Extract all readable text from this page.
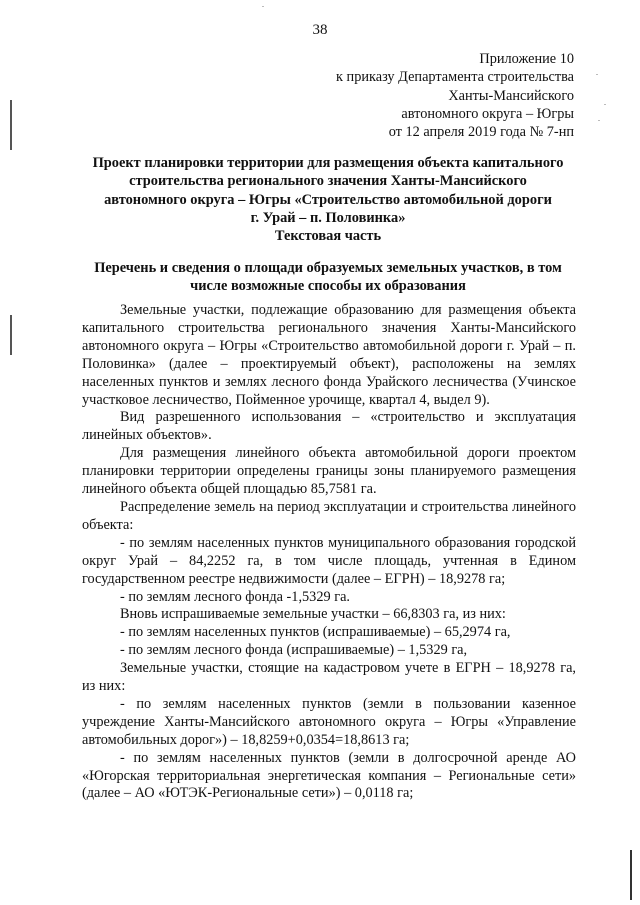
38
Приложение 10
к приказу Департамента строительства
Ханты-Мансийского
автономного округа – Югры
от 12 апреля 2019 года № 7-нп
Проект планировки территории для размещения объекта капитального
строительства регионального значения Ханты-Мансийского
автономного округа – Югры «Строительство автомобильной дороги
г. Урай – п. Половинка»
Текстовая часть
Перечень и сведения о площади образуемых земельных участков, в том числе возможные способы их образования

Земельные участки, подлежащие образованию для размещения объекта капитального строительства регионального значения Ханты-Мансийского автономного округа – Югры «Строительство автомобильной дороги г. Урай – п. Половинка» (далее – проектируемый объект), расположены на землях населенных пунктов и землях лесного фонда Урайского лесничества (Учинское участковое лесничество, Пойменное урочище, квартал 4, выдел 9).

Вид разрешенного использования – «строительство и эксплуатация линейных объектов».

Для размещения линейного объекта автомобильной дороги проектом планировки территории определены границы зоны планируемого размещения линейного объекта общей площадью 85,7581 га.

Распределение земель на период эксплуатации и строительства линейного объекта:

- по землям населенных пунктов муниципального образования городской округ Урай – 84,2252 га, в том числе площадь, учтенная в Едином государственном реестре недвижимости (далее – ЕГРН) – 18,9278 га;

- по землям лесного фонда -1,5329 га.

Вновь испрашиваемые земельные участки – 66,8303 га, из них:

- по землям населенных пунктов (испрашиваемые) – 65,2974 га,

- по землям лесного фонда (испрашиваемые) – 1,5329 га,

Земельные участки, стоящие на кадастровом учете в ЕГРН – 18,9278 га, из них:

- по землям населенных пунктов (земли в пользовании казенное учреждение Ханты-Мансийского автономного округа – Югры «Управление автомобильных дорог») – 18,8259+0,0354=18,8613 га;

- по землям населенных пунктов (земли в долгосрочной аренде АО «Югорская территориальная энергетическая компания – Региональные сети» (далее – АО «ЮТЭК-Региональные сети») – 0,0118 га;
